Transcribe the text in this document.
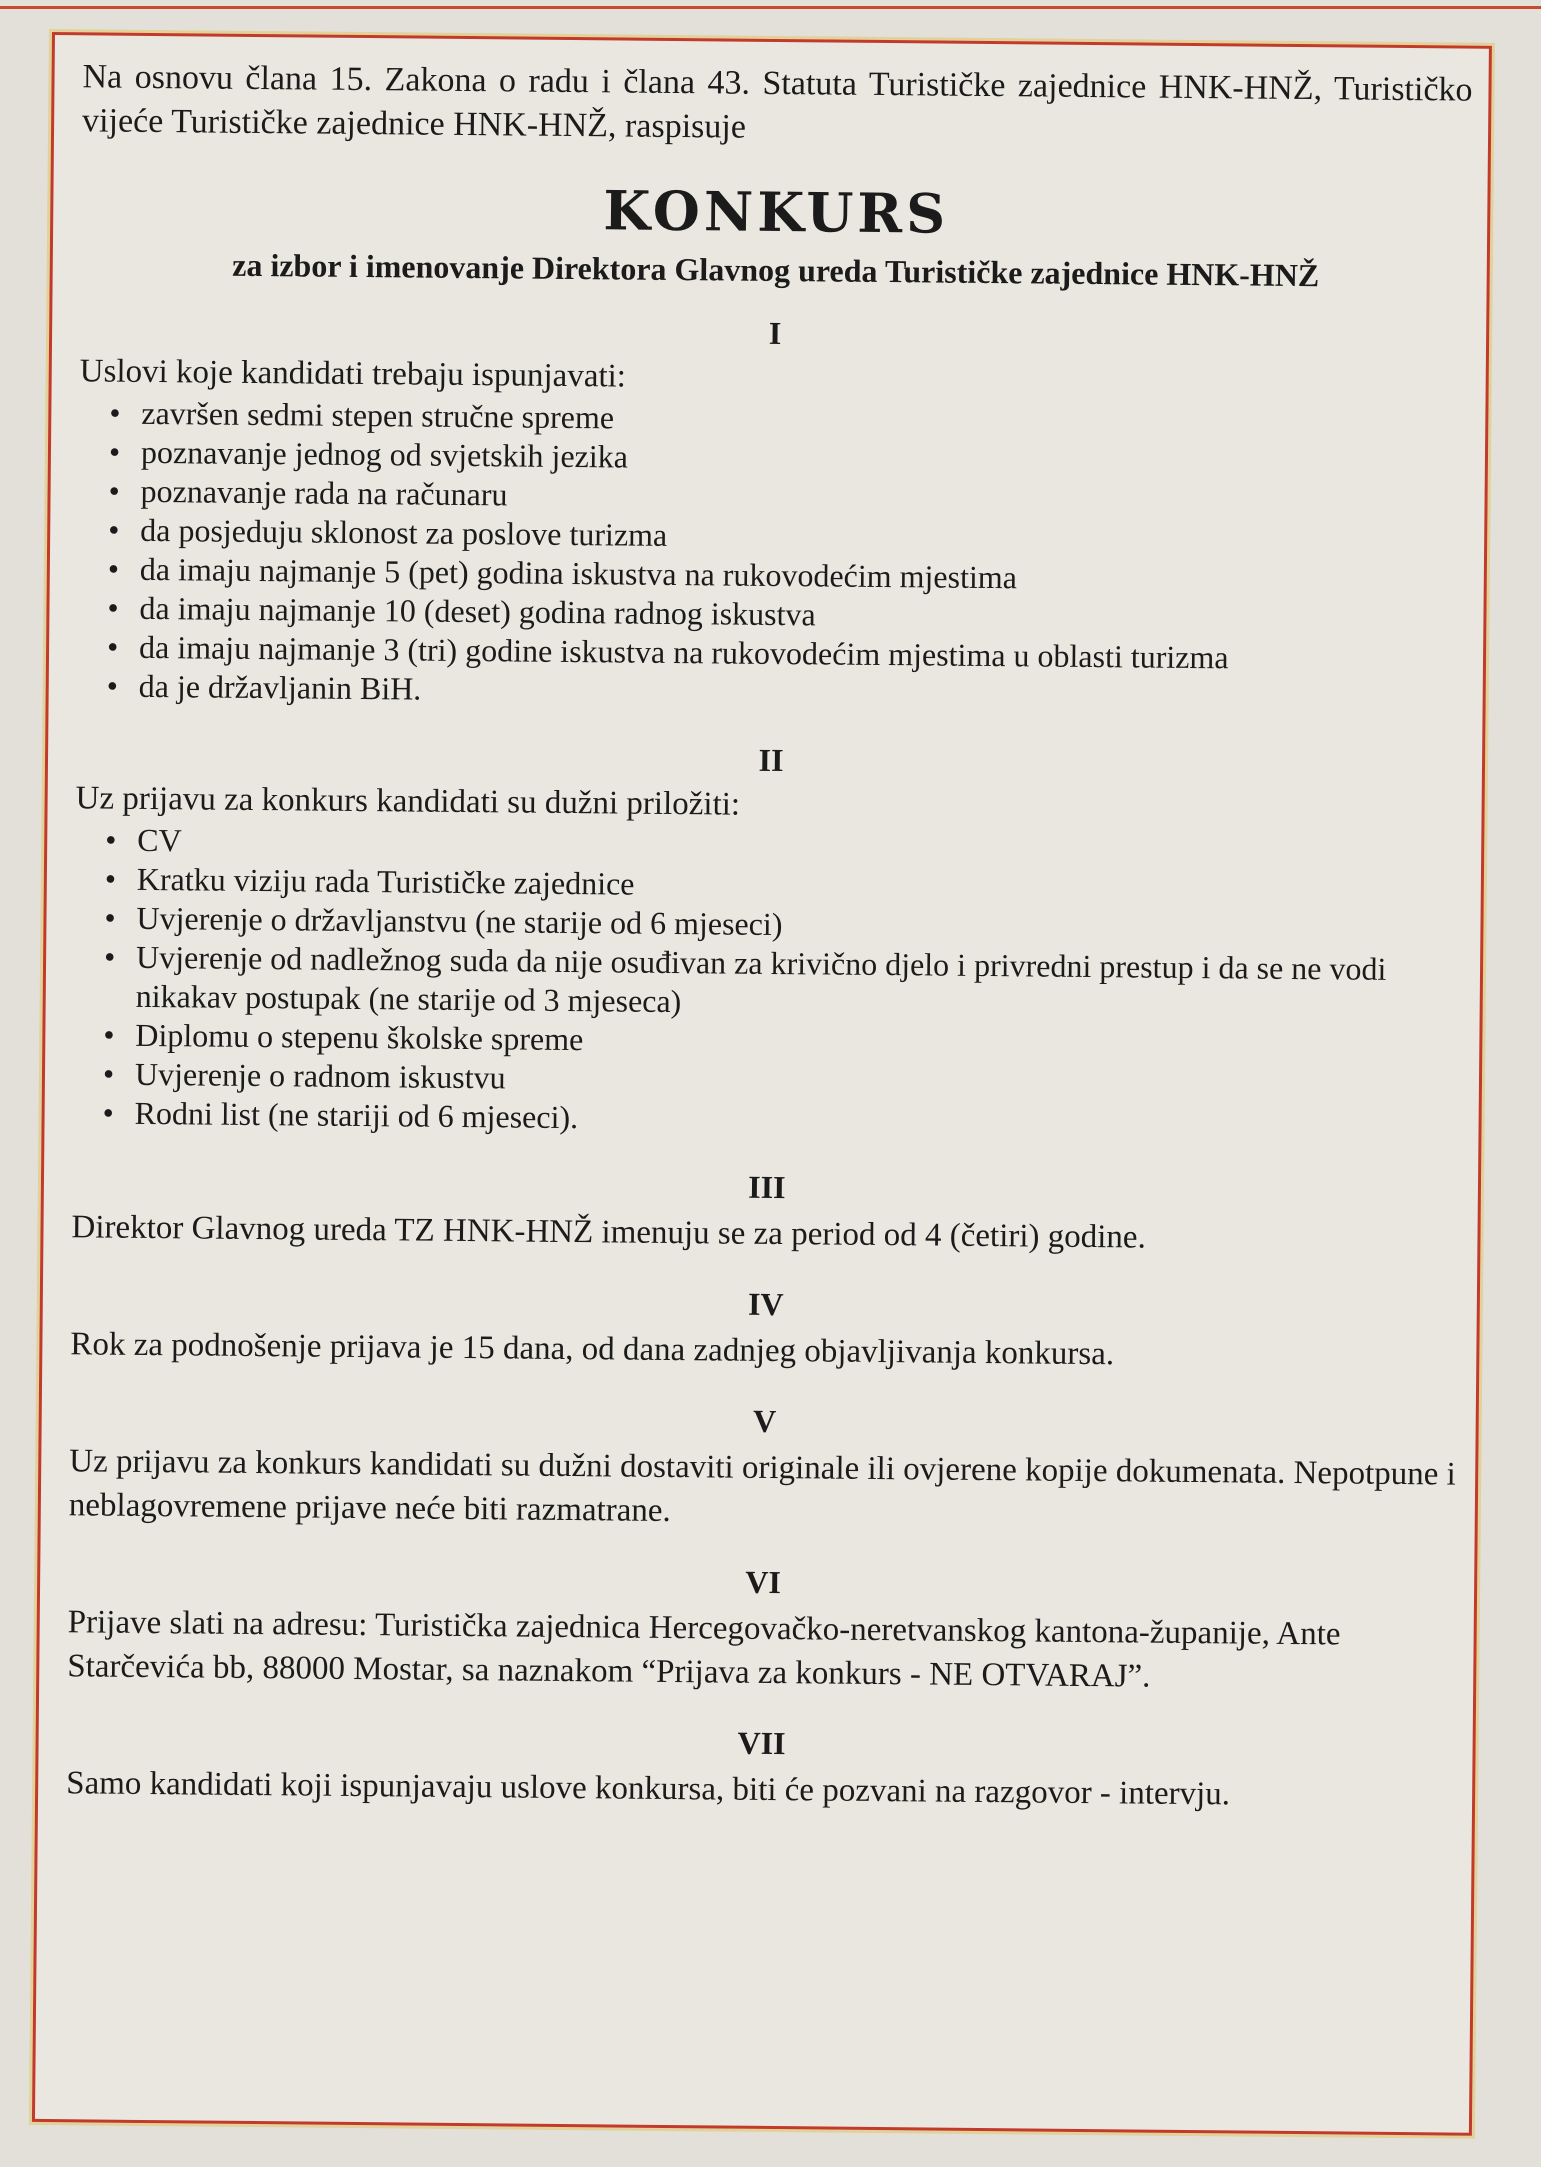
Na osnovu člana 15. Zakona o radu i člana 43. Statuta Turističke zajednice HNK-HNŽ, Turističko vijeće Turističke zajednice HNK-HNŽ, raspisuje

KONKURS
za izbor i imenovanje Direktora Glavnog ureda Turističke zajednice HNK-HNŽ
I

Uslovi koje kandidati trebaju ispunjavati:

• završen sedmi stepen stručne spreme
• poznavanje jednog od svjetskih jezika
• poznavanje rada na računaru
• da posjeduju sklonost za poslove turizma
• da imaju najmanje 5 (pet) godina iskustva na rukovodećim mjestima
• da imaju najmanje 10 (deset) godina radnog iskustva
• da imaju najmanje 3 (tri) godine iskustva na rukovodećim mjestima u oblasti turizma
• da je državljanin BiH.
II

Uz prijavu za konkurs kandidati su dužni priložiti:

• CV
• Kratku viziju rada Turističke zajednice
• Uvjerenje o državljanstvu (ne starije od 6 mjeseci)
• Uvjerenje od nadležnog suda da nije osuđivan za krivično djelo i privredni prestup i da se ne vodi nikakav postupak (ne starije od 3 mjeseca)
• Diplomu o stepenu školske spreme
• Uvjerenje o radnom iskustvu
• Rodni list (ne stariji od 6 mjeseci).
III

Direktor Glavnog ureda TZ HNK-HNŽ imenuju se za period od 4 (četiri) godine.

IV

Rok za podnošenje prijava je 15 dana, od dana zadnjeg objavljivanja konkursa.

V

Uz prijavu za konkurs kandidati su dužni dostaviti originale ili ovjerene kopije dokumenata. Nepotpune i neblagovremene prijave neće biti razmatrane.

VI

Prijave slati na adresu: Turistička zajednica Hercegovačko-neretvanskog kantona-županije, Ante Starčevića bb, 88000 Mostar, sa naznakom “Prijava za konkurs - NE OTVARAJ”.

VII

Samo kandidati koji ispunjavaju uslove konkursa, biti će pozvani na razgovor - intervju.
